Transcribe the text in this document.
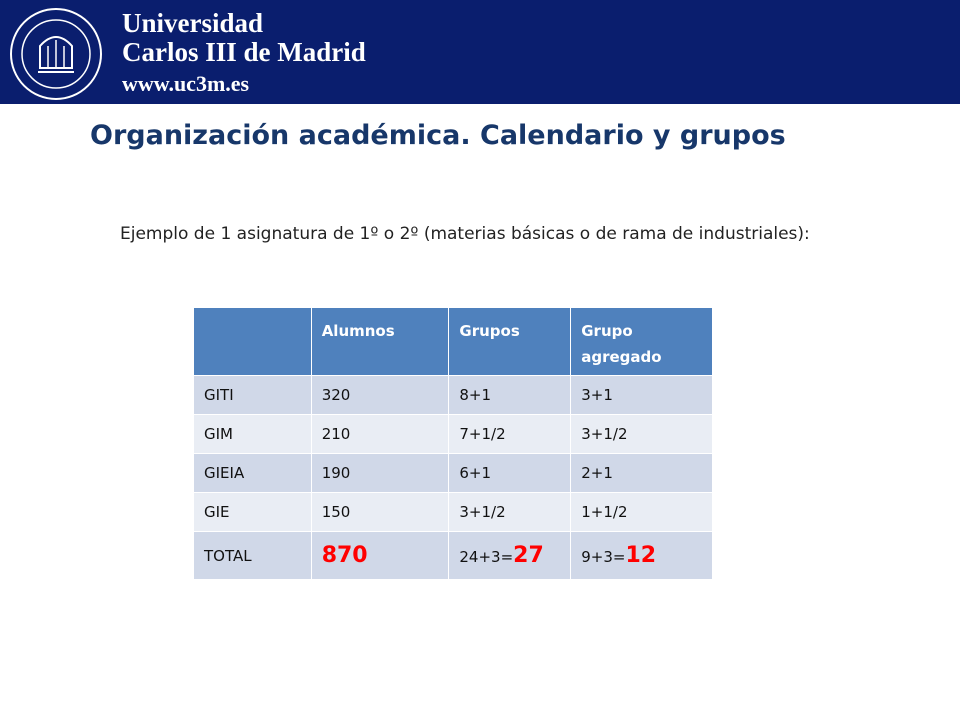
Universidad
Carlos III de Madrid
www.uc3m.es
Organización académica. Calendario y grupos
Ejemplo de 1 asignatura de 1º o 2º (materias básicas o de rama de industriales):
	Alumnos	Grupos	Grupo agregado
GITI	320	8+1	3+1
GIM	210	7+1/2	3+1/2
GIEIA	190	6+1	2+1
GIE	150	3+1/2	1+1/2
TOTAL	870	24+3=27	9+3=12
